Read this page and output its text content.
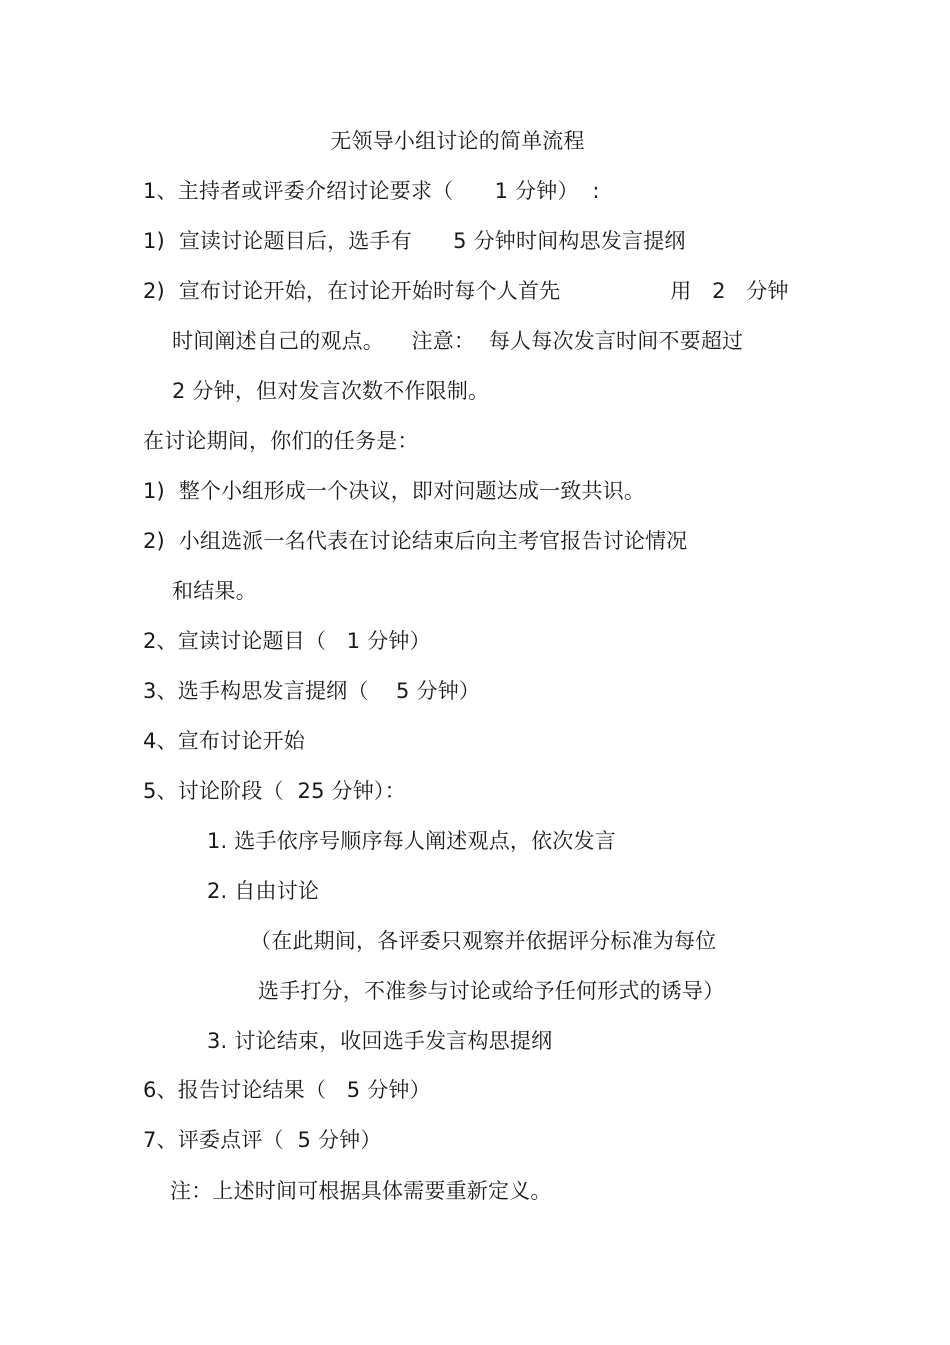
无领导小组讨论的简单流程
1、主持者或评委介绍讨论要求（      1 分钟）  :
1)  宣读讨论题目后，选手有      5 分钟时间构思发言提纲
2)  宣布讨论开始，在讨论开始时每个人首先                用   2   分钟
时间阐述自己的观点。    注意：  每人每次发言时间不要超过
2 分钟，但对发言次数不作限制。
在讨论期间，你们的任务是：
1)  整个小组形成一个决议，即对问题达成一致共识。
2)  小组选派一名代表在讨论结束后向主考官报告讨论情况
和结果。
2、宣读讨论题目（   1 分钟）
3、选手构思发言提纲（    5 分钟）
4、宣布讨论开始
5、讨论阶段（  25 分钟）：
1. 选手依序号顺序每人阐述观点，依次发言
2. 自由讨论
（在此期间，各评委只观察并依据评分标准为每位
选手打分，不准参与讨论或给予任何形式的诱导）
3. 讨论结束，收回选手发言构思提纲
6、报告讨论结果（   5 分钟）
7、评委点评（  5 分钟）
注：上述时间可根据具体需要重新定义。
